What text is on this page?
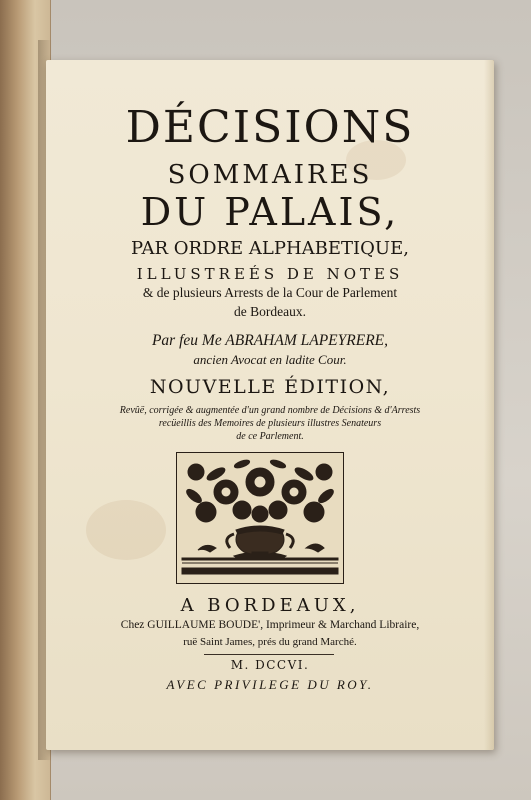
DÉCISIONS
SOMMAIRES
DU PALAIS,
PAR ORDRE ALPHABETIQUE,
ILLUSTREÉS DE NOTES
& de plusieurs Arrests de la Cour de Parlement
de Bordeaux.
Par feu Me ABRAHAM LAPEYRERE,
ancien Avocat en ladite Cour.
NOUVELLE ÉDITION,
Revûë, corrigée & augmentée d'un grand nombre de Décisions & d'Arrests
recüeillis des Memoires de plusieurs illustres Senateurs
de ce Parlement.
A BORDEAUX,
Chez GUILLAUME BOUDE', Imprimeur & Marchand Libraire,
ruë Saint James, prés du grand Marché.
M. DCCVI.
AVEC PRIVILEGE DU ROY.
